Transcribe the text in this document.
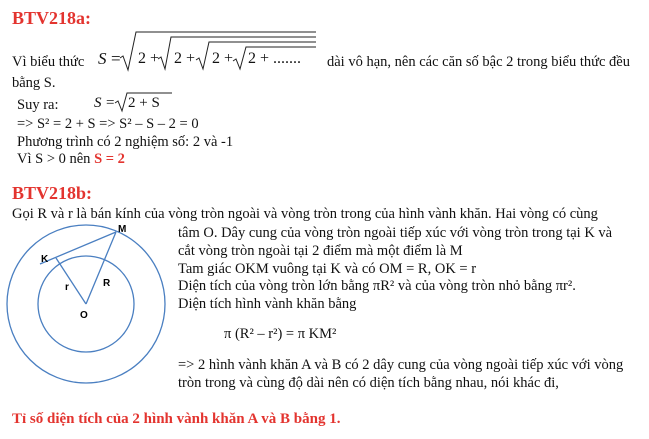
BTV218a:
Vì biểu thức S = 2 + 2 + 2 + 2 + ....... dài vô hạn, nên các căn số bậc 2 trong biểu thức đều
bằng S.
Suy ra: S = 2 + S
=> S² = 2 + S => S² – S – 2 = 0
Phương trình có 2 nghiệm số: 2 và -1
Vì S > 0 nên S = 2
BTV218b:
Gọi R và r là bán kính của vòng tròn ngoài và vòng tròn trong của hình vành khăn. Hai vòng có cùng
tâm O. Dây cung của vòng tròn ngoài tiếp xúc với vòng tròn trong tại K và
cắt vòng tròn ngoài tại 2 điểm mà một điểm là M
Tam giác OKM vuông tại K và có OM = R, OK = r
Diện tích của vòng tròn lớn bằng πR² và của vòng tròn nhỏ bằng πr².
Diện tích hình vành khăn bằng
π (R² – r²) = π KM²
=> 2 hình vành khăn A và B có 2 dây cung của vòng ngoài tiếp xúc với vòng
tròn trong và cùng độ dài nên có diện tích bằng nhau, nói khác đi,
Tỉ số diện tích của 2 hình vành khăn A và B bằng 1.
M
K
r	R
O
